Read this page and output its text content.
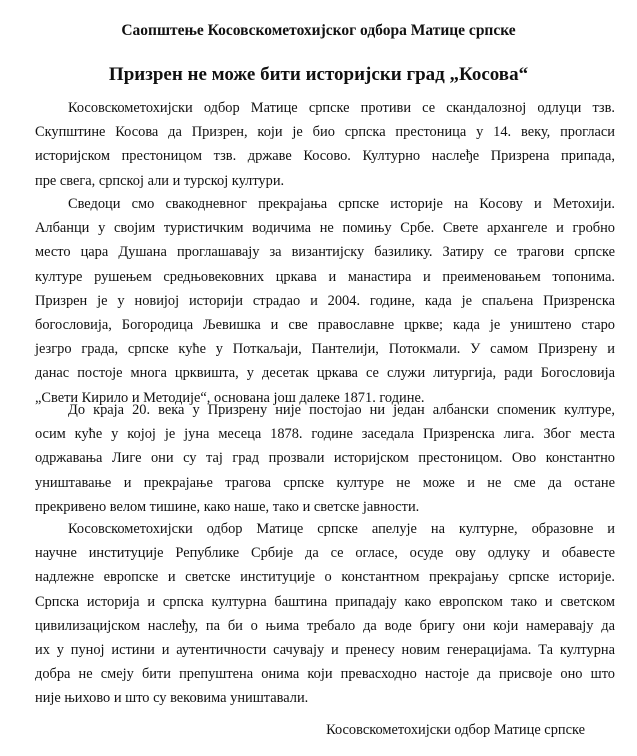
Саопштење Косовскометохијског одбора Матице српске
Призрен не може бити историјски град „Косова“

Косовскометохијски одбор Матице српске противи се скандалозној одлуци тзв.
Скупштине Косова да Призрен, који је био српска престоница у 14. веку, прогласи
историјском престоницом тзв. државе Косово. Културно наслеђе Призрена припада,
пре свега, српској али и турској култури.

Сведоци смо свакодневног прекрајања српске историје на Косову и Метохији.
Албанци у својим туристичким водичима не помињу Србе. Свете архангеле и гробно
место цара Душана проглашавају за византијску базилику. Затиру се трагови српске
културе рушењем средњовековних цркава и манастира и преименовањем топонима.
Призрен је у новијој историји страдао и 2004. године, када је спаљена Призренска
богословија, Богородица Љевишка и све православне цркве; када је уништено старо
језгро града, српске куће у Поткаљаји, Пантелији, Потокмали. У самом Призрену и
данас постоје многа црквишта, у десетак цркава се служи литургија, ради Богословија
„Свети Кирило и Методије“, основана још далеке 1871. године.

До краја 20. века у Призрену није постојао ни један албански споменик културе,
осим куће у којој је јуна месеца 1878. године заседала Призренска лига. Због места
одржавања Лиге они су тај град прозвали историјском престоницом. Ово константно
уништавање и прекрајање трагова српске културе не може и не сме да остане
прекривено велом тишине, како наше, тако и светске јавности.

Косовскометохијски одбор Матице српске апелује на културне, образовне и
научне институције Републике Србије да се огласе, осуде ову одлуку и обавесте
надлежне европске и светске институције о константном прекрајању српске историје.
Српска историја и српска културна баштина припадају како европском тако и светском
цивилизацијском наслеђу, па би о њима требало да воде бригу они који намеравају да
их у пуној истини и аутентичности сачувају и пренесу новим генерацијама. Та културна
добра не смеју бити препуштена онима који превасходно настоје да присвоје оно што
није њихово и што су вековима уништавали.

Косовскометохијски одбор Матице српске
